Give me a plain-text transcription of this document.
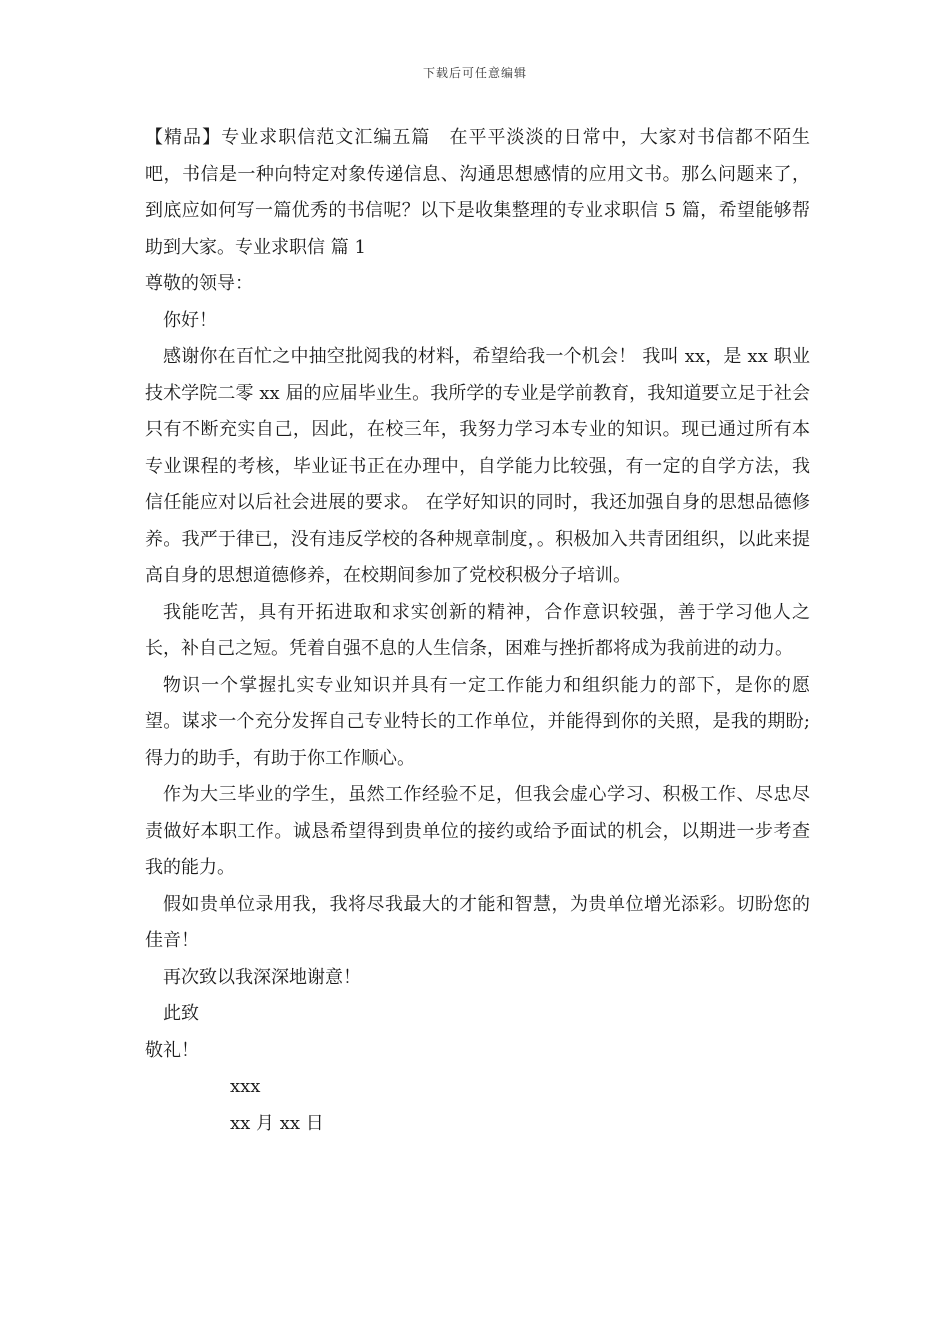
下载后可任意编辑

【精品】专业求职信范文汇编五篇　在平平淡淡的日常中，大家对书信都不陌生吧，书信是一种向特定对象传递信息、沟通思想感情的应用文书。那么问题来了，到底应如何写一篇优秀的书信呢？以下是收集整理的专业求职信 5 篇，希望能够帮助到大家。专业求职信 篇 1

尊敬的领导：

你好！

感谢你在百忙之中抽空批阅我的材料，希望给我一个机会！ 我叫 xx，是 xx 职业技术学院二零 xx 届的应届毕业生。我所学的专业是学前教育，我知道要立足于社会只有不断充实自己，因此，在校三年，我努力学习本专业的知识。现已通过所有本专业课程的考核，毕业证书正在办理中，自学能力比较强，有一定的自学方法，我信任能应对以后社会进展的要求。 在学好知识的同时，我还加强自身的思想品德修养。我严于律已，没有违反学校的各种规章制度，。积极加入共青团组织，以此来提高自身的思想道德修养，在校期间参加了党校积极分子培训。

我能吃苦，具有开拓进取和求实创新的精神，合作意识较强，善于学习他人之长，补自己之短。凭着自强不息的人生信条，困难与挫折都将成为我前进的动力。

物识一个掌握扎实专业知识并具有一定工作能力和组织能力的部下，是你的愿望。谋求一个充分发挥自己专业特长的工作单位，并能得到你的关照，是我的期盼;得力的助手，有助于你工作顺心。

作为大三毕业的学生，虽然工作经验不足，但我会虚心学习、积极工作、尽忠尽责做好本职工作。诚恳希望得到贵单位的接约或给予面试的机会，以期进一步考查我的能力。

假如贵单位录用我，我将尽我最大的才能和智慧，为贵单位增光添彩。切盼您的佳音！

再次致以我深深地谢意！

此致

敬礼！

xxx

xx 月 xx 日
